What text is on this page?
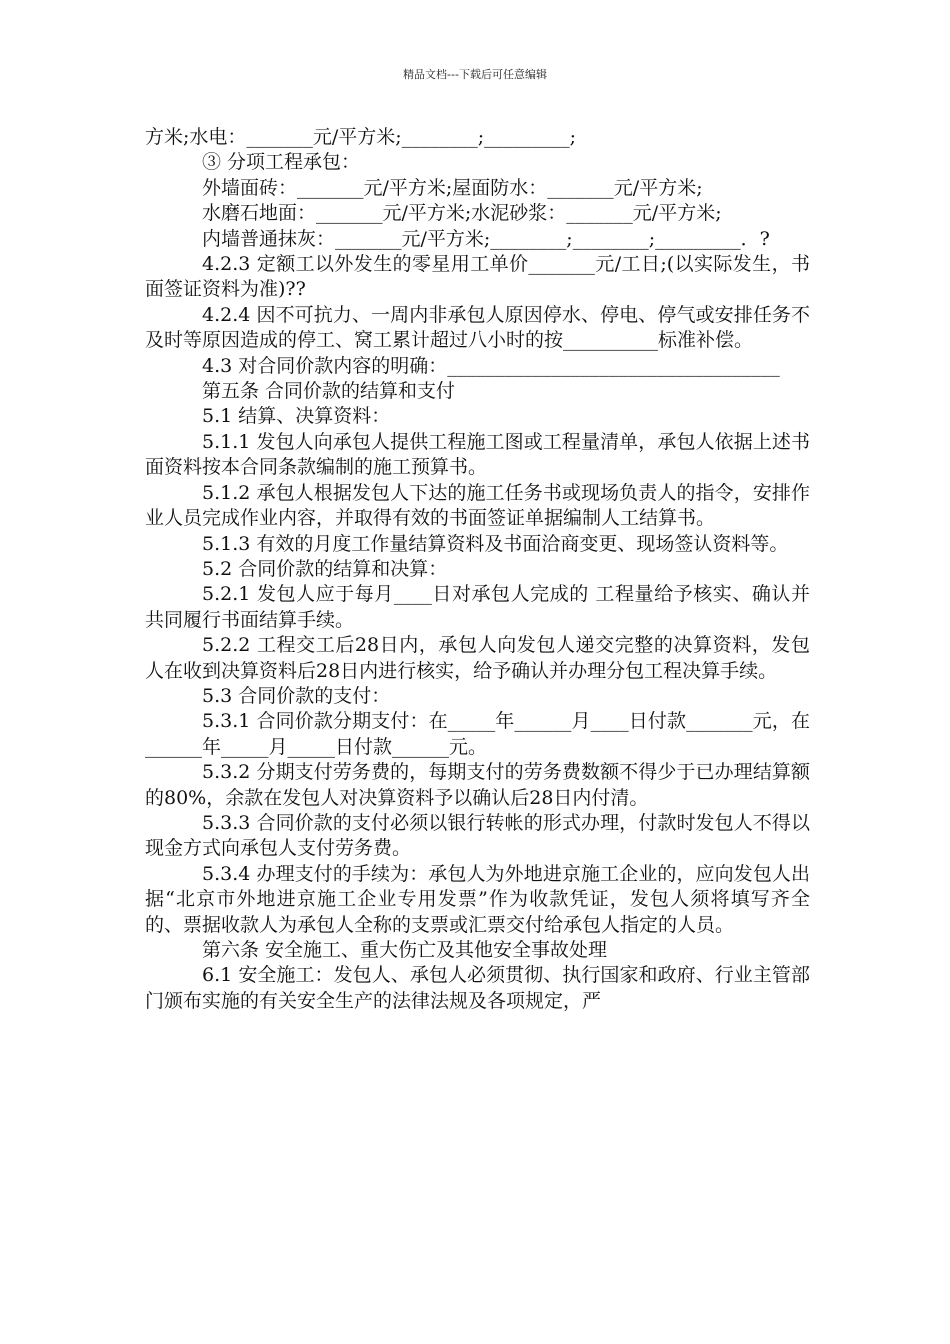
精品文档---下载后可任意编辑

方米;水电：_______元/平方米;________;_________;

③ 分项工程承包：

外墙面砖：_______元/平方米;屋面防水：_______元/平方米;

水磨石地面：_______元/平方米;水泥砂浆：_______元/平方米;

内墙普通抹灰：_______元/平方米;________;________;_________．?

4.2.3 定额工以外发生的零星用工单价_______元/工日;(以实际发生，书面签证资料为准)??

4.2.4 因不可抗力、一周内非承包人原因停水、停电、停气或安排任务不及时等原因造成的停工、窝工累计超过八小时的按__________标准补偿。

4.3 对合同价款内容的明确：___________________________________

第五条 合同价款的结算和支付

5.1 结算、决算资料：

5.1.1 发包人向承包人提供工程施工图或工程量清单，承包人依据上述书面资料按本合同条款编制的施工预算书。

5.1.2 承包人根据发包人下达的施工任务书或现场负责人的指令，安排作业人员完成作业内容，并取得有效的书面签证单据编制人工结算书。

5.1.3 有效的月度工作量结算资料及书面洽商变更、现场签认资料等。

5.2 合同价款的结算和决算：

5.2.1 发包人应于每月____日对承包人完成的 工程量给予核实、确认并共同履行书面结算手续。

5.2.2 工程交工后28日内，承包人向发包人递交完整的决算资料，发包人在收到决算资料后28日内进行核实，给予确认并办理分包工程决算手续。

5.3 合同价款的支付：

5.3.1 合同价款分期支付：在_____年______月____日付款_______元，在______年_____月_____日付款______元。

5.3.2 分期支付劳务费的，每期支付的劳务费数额不得少于已办理结算额的80%，余款在发包人对决算资料予以确认后28日内付清。

5.3.3 合同价款的支付必须以银行转帐的形式办理，付款时发包人不得以现金方式向承包人支付劳务费。

5.3.4 办理支付的手续为：承包人为外地进京施工企业的，应向发包人出据“北京市外地进京施工企业专用发票”作为收款凭证，发包人须将填写齐全的、票据收款人为承包人全称的支票或汇票交付给承包人指定的人员。

第六条 安全施工、重大伤亡及其他安全事故处理

6.1 安全施工：发包人、承包人必须贯彻、执行国家和政府、行业主管部门颁布实施的有关安全生产的法律法规及各项规定，严
